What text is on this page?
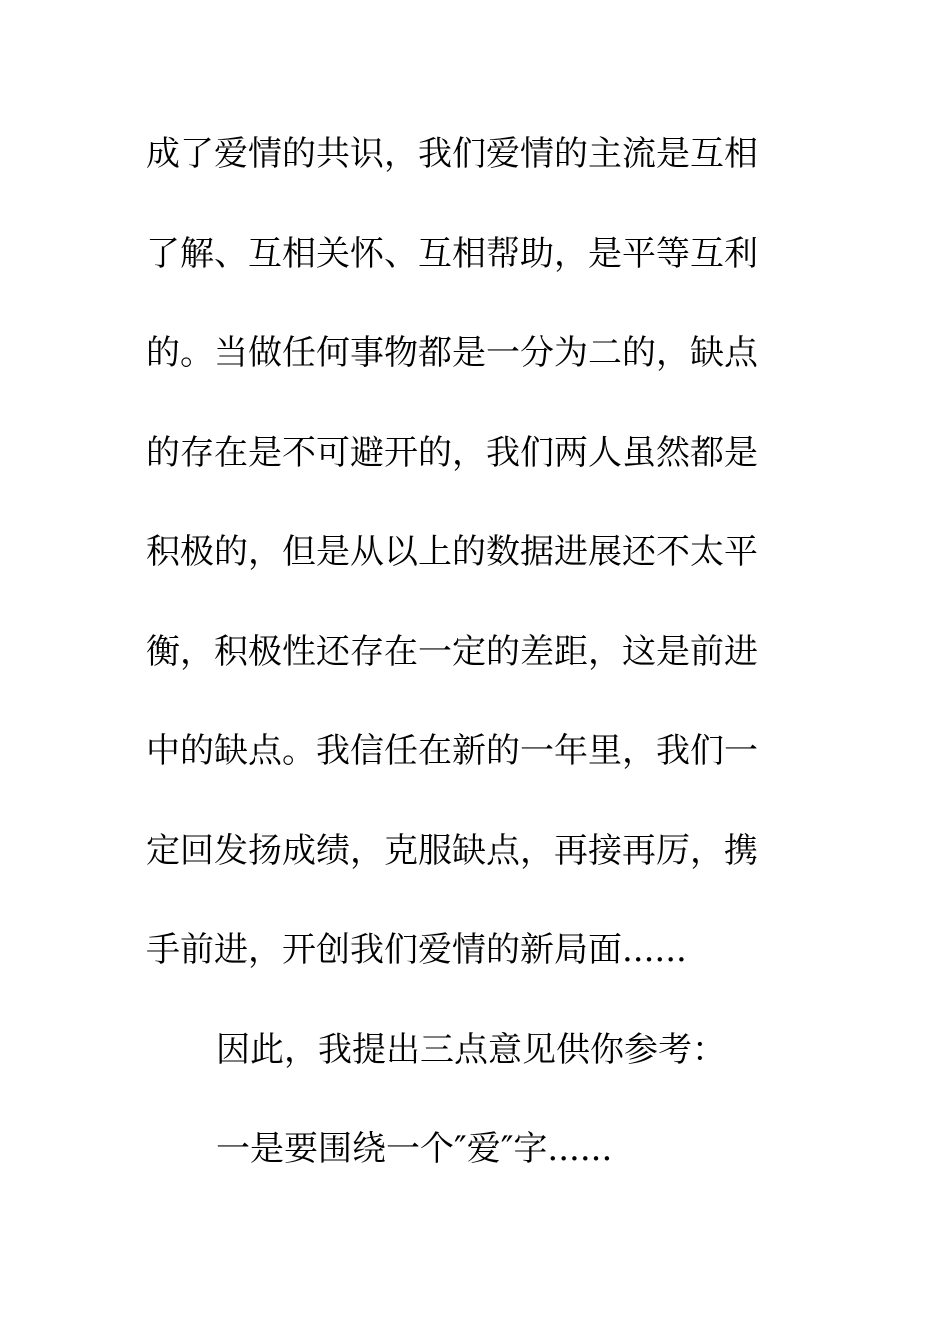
成了爱情的共识，我们爱情的主流是互相
了解、互相关怀、互相帮助，是平等互利
的。当做任何事物都是一分为二的，缺点
的存在是不可避开的，我们两人虽然都是
积极的，但是从以上的数据进展还不太平
衡，积极性还存在一定的差距，这是前进
中的缺点。我信任在新的一年里，我们一
定回发扬成绩，克服缺点，再接再厉，携
手前进，开创我们爱情的新局面......
因此，我提出三点意见供你参考：
一是要围绕一个″爱″字......
